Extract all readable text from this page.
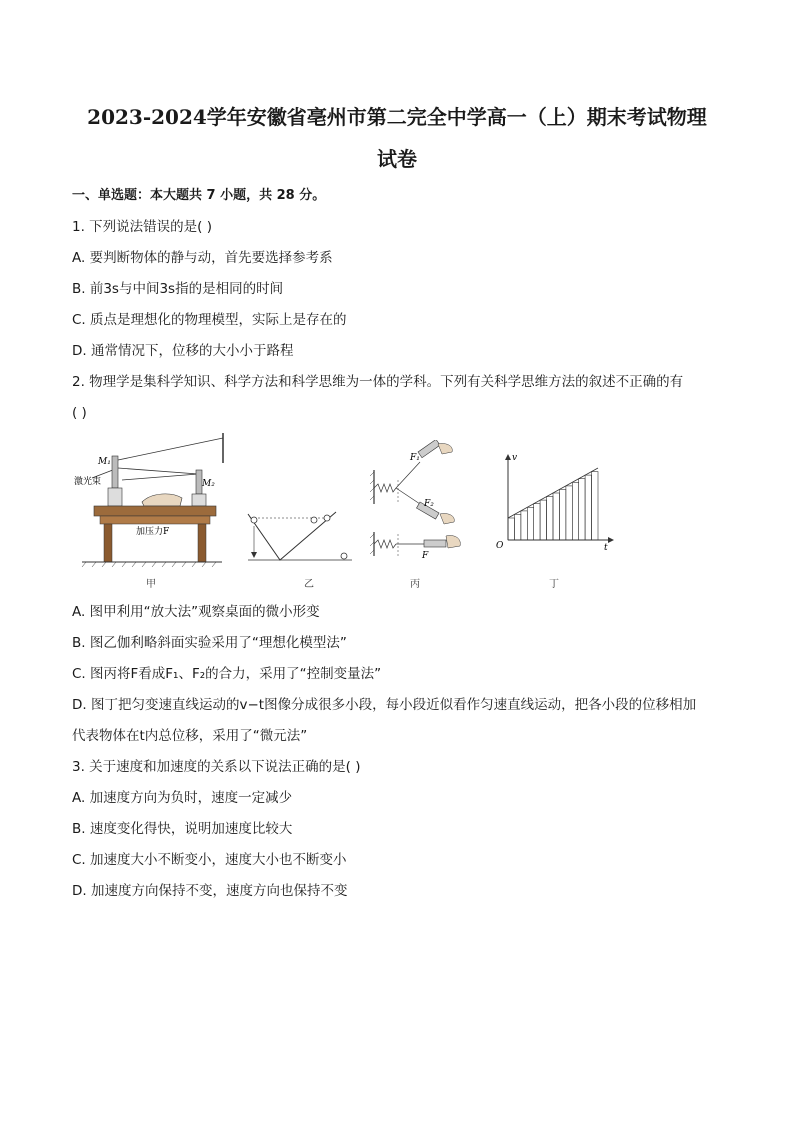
2023-2024学年安徽省亳州市第二完全中学高一（上）期末考试物理
试卷
一、单选题：本大题共 7 小题，共 28 分。
1. 下列说法错误的是( )
A. 要判断物体的静与动，首先要选择参考系
B. 前3s与中间3s指的是相同的时间
C. 质点是理想化的物理模型，实际上是存在的
D. 通常情况下，位移的大小小于路程
2. 物理学是集科学知识、科学方法和科学思维为一体的学科。下列有关科学思维方法的叙述不正确的有
( )
M₁
M₂
激光束
加压力F
甲	乙
F₁
F₂
F
丙
v
t
O
丁
A. 图甲利用“放大法”观察桌面的微小形变
B. 图乙伽利略斜面实验采用了“理想化模型法”
C. 图丙将F看成F₁、F₂的合力，采用了“控制变量法”
D. 图丁把匀变速直线运动的v−t图像分成很多小段，每小段近似看作匀速直线运动，把各小段的位移相加
代表物体在t内总位移，采用了“微元法”
3. 关于速度和加速度的关系以下说法正确的是( )
A. 加速度方向为负时，速度一定减少
B. 速度变化得快，说明加速度比较大
C. 加速度大小不断变小，速度大小也不断变小
D. 加速度方向保持不变，速度方向也保持不变
